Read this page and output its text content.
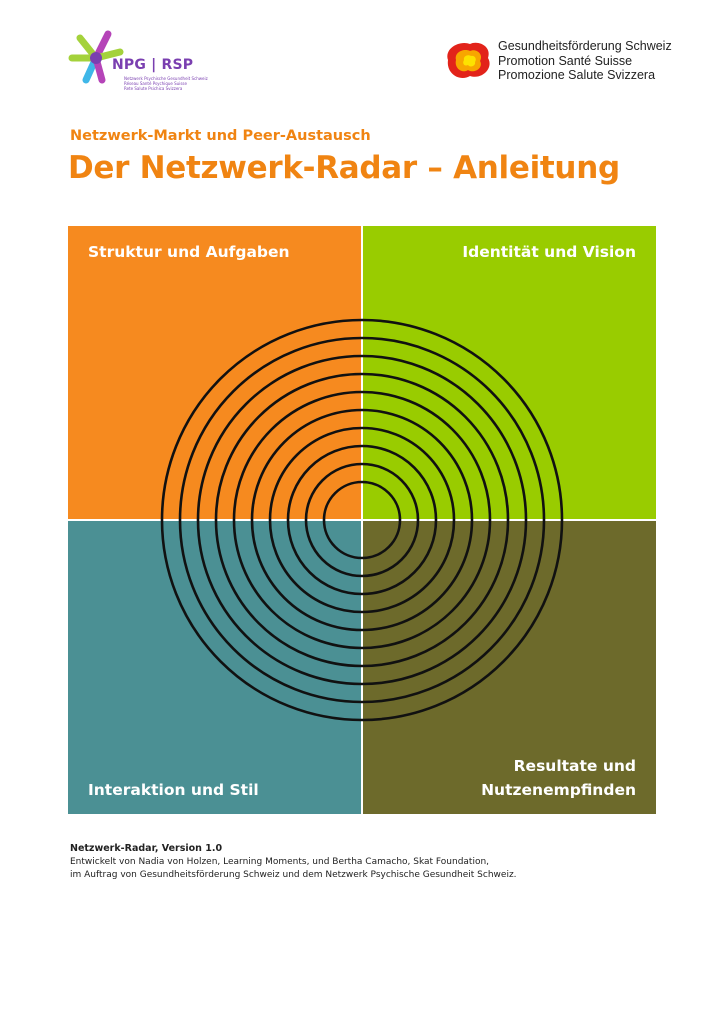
NPG | RSP
Netzwerk Psychische Gesundheit Schweiz
Réseau Santé Psychique Suisse
Rete Salute Psichica Svizzera
Gesundheitsförderung Schweiz
Promotion Santé Suisse
Promozione Salute Svizzera
Netzwerk-Markt und Peer-Austausch
Der Netzwerk-Radar – Anleitung
Struktur und Aufgaben	Identität und Vision
Interaktion und Stil
Resultate und
Nutzenempfinden
Netzwerk-Radar, Version 1.0
Entwickelt von Nadia von Holzen, Learning Moments, und Bertha Camacho, Skat Foundation,
im Auftrag von Gesundheitsförderung Schweiz und dem Netzwerk Psychische Gesundheit Schweiz.
